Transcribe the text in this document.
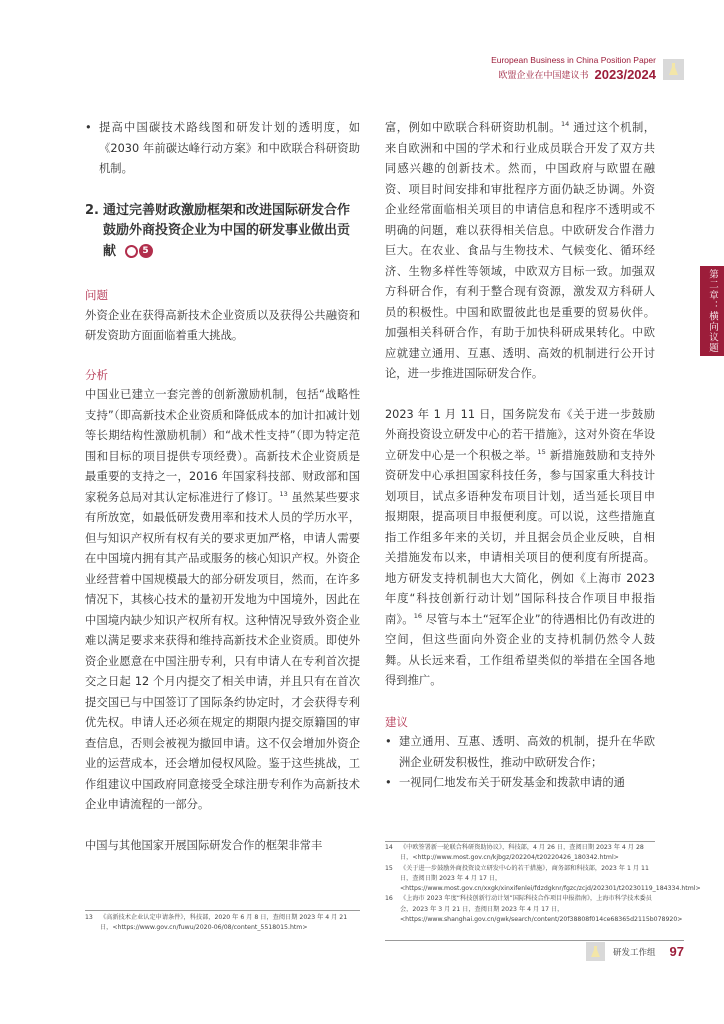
European Business in China Position Paper
欧盟企业在中国建议书 2023/2024
第二章：横向议题
• 提高中国碳技术路线图和研发计划的透明度，如《2030 年前碳达峰行动方案》和中欧联合科研资助机制。
2. 通过完善财政激励框架和改进国际研发合作鼓励外商投资企业为中国的研发事业做出贡献	5
问题
外资企业在获得高新技术企业资质以及获得公共融资和研发资助方面面临着重大挑战。
分析
中国业已建立一套完善的创新激励机制，包括“战略性支持”（即高新技术企业资质和降低成本的加计扣减计划等长期结构性激励机制）和“战术性支持”（即为特定范围和目标的项目提供专项经费）。高新技术企业资质是最重要的支持之一，2016 年国家科技部、财政部和国家税务总局对其认定标准进行了修订。$^{13}$ 虽然某些要求有所放宽，如最低研发费用率和技术人员的学历水平，但与知识产权所有权有关的要求更加严格，申请人需要在中国境内拥有其产品或服务的核心知识产权。外资企业经营着中国规模最大的部分研发项目，然而，在许多情况下，其核心技术的量初开发地为中国境外，因此在中国境内缺少知识产权所有权。这种情况导致外资企业难以满足要求来获得和维持高新技术企业资质。即使外资企业愿意在中国注册专利，只有申请人在专利首次提交之日起 12 个月内提交了相关申请，并且只有在首次提交国已与中国签订了国际条约协定时，才会获得专利优先权。申请人还必须在规定的期限内提交原籍国的审查信息，否则会被视为撤回申请。这不仅会增加外资企业的运营成本，还会增加侵权风险。鉴于这些挑战，工作组建议中国政府同意接受全球注册专利作为高新技术企业申请流程的一部分。
中国与其他国家开展国际研发合作的框架非常丰
13 《高新技术企业认定申请条件》，科技部，2020 年 6 月 8 日，查阅日期 2023 年 4 月 21 日，<https://www.gov.cn/fuwu/2020-06/08/content_5518015.htm>
富，例如中欧联合科研资助机制。$^{14}$ 通过这个机制，来自欧洲和中国的学术和行业成员联合开发了双方共同感兴趣的创新技术。然而，中国政府与欧盟在融资、项目时间安排和审批程序方面仍缺乏协调。外资企业经常面临相关项目的申请信息和程序不透明或不明确的问题，难以获得相关信息。中欧研发合作潜力巨大。在农业、食品与生物技术、气候变化、循环经济、生物多样性等领域，中欧双方目标一致。加强双方科研合作，有利于整合现有资源，激发双方科研人员的积极性。中国和欧盟彼此也是重要的贸易伙伴。加强相关科研合作，有助于加快科研成果转化。中欧应就建立通用、互惠、透明、高效的机制进行公开讨论，进一步推进国际研发合作。
2023 年 1 月 11 日，国务院发布《关于进一步鼓励外商投资设立研发中心的若干措施》，这对外资在华设立研发中心是一个积极之举。$^{15}$ 新措施鼓励和支持外资研发中心承担国家科技任务，参与国家重大科技计划项目，试点多语种发布项目计划，适当延长项目申报期限，提高项目申报便利度。可以说，这些措施直指工作组多年来的关切，并且据会员企业反映，自相关措施发布以来，申请相关项目的便利度有所提高。地方研发支持机制也大大简化，例如《上海市 2023 年度“科技创新行动计划”国际科技合作项目申报指南》。$^{16}$ 尽管与本土“冠军企业”的待遇相比仍有改进的空间，但这些面向外资企业的支持机制仍然令人鼓舞。从长远来看，工作组希望类似的举措在全国各地得到推广。
建议
• 建立通用、互惠、透明、高效的机制，提升在华欧洲企业研发积极性，推动中欧研发合作；
• 一视同仁地发布关于研发基金和拨款申请的通
14 《中欧签署新一轮联合科研资助协议》，科技部，4 月 26 日，查阅日期 2023 年 4 月 28 日，<http://www.most.gov.cn/kjbgz/202204/t20220426_180342.html>
15 《关于进一步鼓励外商投资设立研发中心的若干措施》，商务部和科技部，2023 年 1 月 11 日，查阅日期 2023 年 4 月 17 日，<https://www.most.gov.cn/xxgk/xinxifenlei/fdzdgknr/fgzc/zcjd/202301/t20230119_184334.html>
16 《上海市 2023 年度“科技创新行动计划”国际科技合作项目申报指南》，上海市科学技术委员会，2023 年 3 月 21 日，查阅日期 2023 年 4 月 17 日，<https://www.shanghai.gov.cn/gwk/search/content/20f38808f014ce68365d2115b078920>
研发工作组 97
